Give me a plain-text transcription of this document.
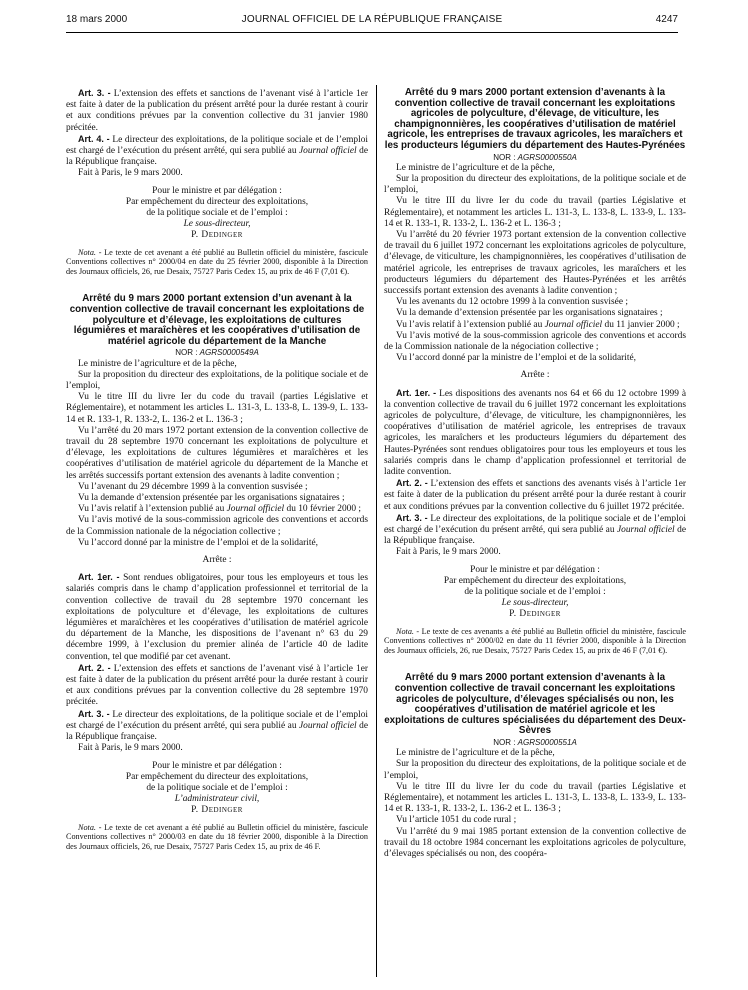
18 mars 2000	JOURNAL OFFICIEL DE LA RÉPUBLIQUE FRANÇAISE	4247

Art. 3. - L’extension des effets et sanctions de l’avenant visé à l’article 1er est faite à dater de la publication du présent arrêté pour la durée restant à courir et aux conditions prévues par la convention collective du 31 janvier 1980 précitée.

Art. 4. - Le directeur des exploitations, de la politique sociale et de l’emploi est chargé de l’exécution du présent arrêté, qui sera publié au Journal officiel de la République française.

Fait à Paris, le 9 mars 2000.

Pour le ministre et par délégation :

Par empêchement du directeur des exploitations,

de la politique sociale et de l’emploi :

Le sous-directeur,

P. Dedinger

Nota. - Le texte de cet avenant a été publié au Bulletin officiel du ministère, fascicule Conventions collectives n° 2000/04 en date du 25 février 2000, disponible à la Direction des Journaux officiels, 26, rue Desaix, 75727 Paris Cedex 15, au prix de 46 F (7,01 €).

Arrêté du 9 mars 2000 portant extension d’un avenant à la convention collective de travail concernant les exploitations de polyculture et d’élevage, les exploitations de cultures légumières et maraîchères et les coopératives d’utilisation de matériel agricole du département de la Manche

NOR : AGRS0000549A

Le ministre de l’agriculture et de la pêche,

Sur la proposition du directeur des exploitations, de la politique sociale et de l’emploi,

Vu le titre III du livre Ier du code du travail (parties Législative et Réglementaire), et notamment les articles L. 131-3, L. 133-8, L. 139-9, L. 133-14 et R. 133-1, R. 133-2, L. 136-2 et L. 136-3 ;

Vu l’arrêté du 20 mars 1972 portant extension de la convention collective de travail du 28 septembre 1970 concernant les exploitations de polyculture et d’élevage, les exploitations de cultures légumières et maraîchères et les coopératives d’utilisation de matériel agricole du département de la Manche et les arrêtés successifs portant extension des avenants à ladite convention ;

Vu l’avenant du 29 décembre 1999 à la convention susvisée ;

Vu la demande d’extension présentée par les organisations signataires ;

Vu l’avis relatif à l’extension publié au Journal officiel du 10 février 2000 ;

Vu l’avis motivé de la sous-commission agricole des conventions et accords de la Commission nationale de la négociation collective ;

Vu l’accord donné par la ministre de l’emploi et de la solidarité,

Arrête :

Art. 1er. - Sont rendues obligatoires, pour tous les employeurs et tous les salariés compris dans le champ d’application professionnel et territorial de la convention collective de travail du 28 septembre 1970 concernant les exploitations de polyculture et d’élevage, les exploitations de cultures légumières et maraîchères et les coopératives d’utilisation de matériel agricole du département de la Manche, les dispositions de l’avenant n° 63 du 29 décembre 1999, à l’exclusion du premier alinéa de l’article 40 de ladite convention, tel que modifié par cet avenant.

Art. 2. - L’extension des effets et sanctions de l’avenant visé à l’article 1er est faite à dater de la publication du présent arrêté pour la durée restant à courir et aux conditions prévues par la convention collective du 28 septembre 1970 précitée.

Art. 3. - Le directeur des exploitations, de la politique sociale et de l’emploi est chargé de l’exécution du présent arrêté, qui sera publié au Journal officiel de la République française.

Fait à Paris, le 9 mars 2000.

Pour le ministre et par délégation :

Par empêchement du directeur des exploitations,

de la politique sociale et de l’emploi :

L’administrateur civil,

P. Dedinger

Nota. - Le texte de cet avenant a été publié au Bulletin officiel du ministère, fascicule Conventions collectives n° 2000/03 en date du 18 février 2000, disponible à la Direction des Journaux officiels, 26, rue Desaix, 75727 Paris Cedex 15, au prix de 46 F.

Arrêté du 9 mars 2000 portant extension d’avenants à la convention collective de travail concernant les exploitations agricoles de polyculture, d’élevage, de viticulture, les champignonnières, les coopératives d’utilisation de matériel agricole, les entreprises de travaux agricoles, les maraîchers et les producteurs légumiers du département des Hautes-Pyrénées

NOR : AGRS0000550A

Le ministre de l’agriculture et de la pêche,

Sur la proposition du directeur des exploitations, de la politique sociale et de l’emploi,

Vu le titre III du livre Ier du code du travail (parties Législative et Réglementaire), et notamment les articles L. 131-3, L. 133-8, L. 133-9, L. 133-14 et R. 133-1, R. 133-2, L. 136-2 et L. 136-3 ;

Vu l’arrêté du 20 février 1973 portant extension de la convention collective de travail du 6 juillet 1972 concernant les exploitations agricoles de polyculture, d’élevage, de viticulture, les champignonnières, les coopératives d’utilisation de matériel agricole, les entreprises de travaux agricoles, les maraîchers et les producteurs légumiers du département des Hautes-Pyrénées et les arrêtés successifs portant extension des avenants à ladite convention ;

Vu les avenants du 12 octobre 1999 à la convention susvisée ;

Vu la demande d’extension présentée par les organisations signataires ;

Vu l’avis relatif à l’extension publié au Journal officiel du 11 janvier 2000 ;

Vu l’avis motivé de la sous-commission agricole des conventions et accords de la Commission nationale de la négociation collective ;

Vu l’accord donné par la ministre de l’emploi et de la solidarité,

Arrête :

Art. 1er. - Les dispositions des avenants nos 64 et 66 du 12 octobre 1999 à la convention collective de travail du 6 juillet 1972 concernant les exploitations agricoles de polyculture, d’élevage, de viticulture, les champignonnières, les coopératives d’utilisation de matériel agricole, les entreprises de travaux agricoles, les maraîchers et les producteurs légumiers du département des Hautes-Pyrénées sont rendues obligatoires pour tous les employeurs et tous les salariés compris dans le champ d’application professionnel et territorial de ladite convention.

Art. 2. - L’extension des effets et sanctions des avenants visés à l’article 1er est faite à dater de la publication du présent arrêté pour la durée restant à courir et aux conditions prévues par la convention collective du 6 juillet 1972 précitée.

Art. 3. - Le directeur des exploitations, de la politique sociale et de l’emploi est chargé de l’exécution du présent arrêté, qui sera publié au Journal officiel de la République française.

Fait à Paris, le 9 mars 2000.

Pour le ministre et par délégation :

Par empêchement du directeur des exploitations,

de la politique sociale et de l’emploi :

Le sous-directeur,

P. Dedinger

Nota. - Le texte de ces avenants a été publié au Bulletin officiel du ministère, fascicule Conventions collectives n° 2000/02 en date du 11 février 2000, disponible à la Direction des Journaux officiels, 26, rue Desaix, 75727 Paris Cedex 15, au prix de 46 F (7,01 €).

Arrêté du 9 mars 2000 portant extension d’avenants à la convention collective de travail concernant les exploitations agricoles de polyculture, d’élevages spécialisés ou non, les coopératives d’utilisation de matériel agricole et les exploitations de cultures spécialisées du département des Deux-Sèvres

NOR : AGRS0000551A

Le ministre de l’agriculture et de la pêche,

Sur la proposition du directeur des exploitations, de la politique sociale et de l’emploi,

Vu le titre III du livre Ier du code du travail (parties Législative et Réglementaire), et notamment les articles L. 131-3, L. 133-8, L. 133-9, L. 133-14 et R. 133-1, R. 133-2, L. 136-2 et L. 136-3 ;

Vu l’article 1051 du code rural ;

Vu l’arrêté du 9 mai 1985 portant extension de la convention collective de travail du 18 octobre 1984 concernant les exploitations agricoles de polyculture, d’élevages spécialisés ou non, des coopéra-
